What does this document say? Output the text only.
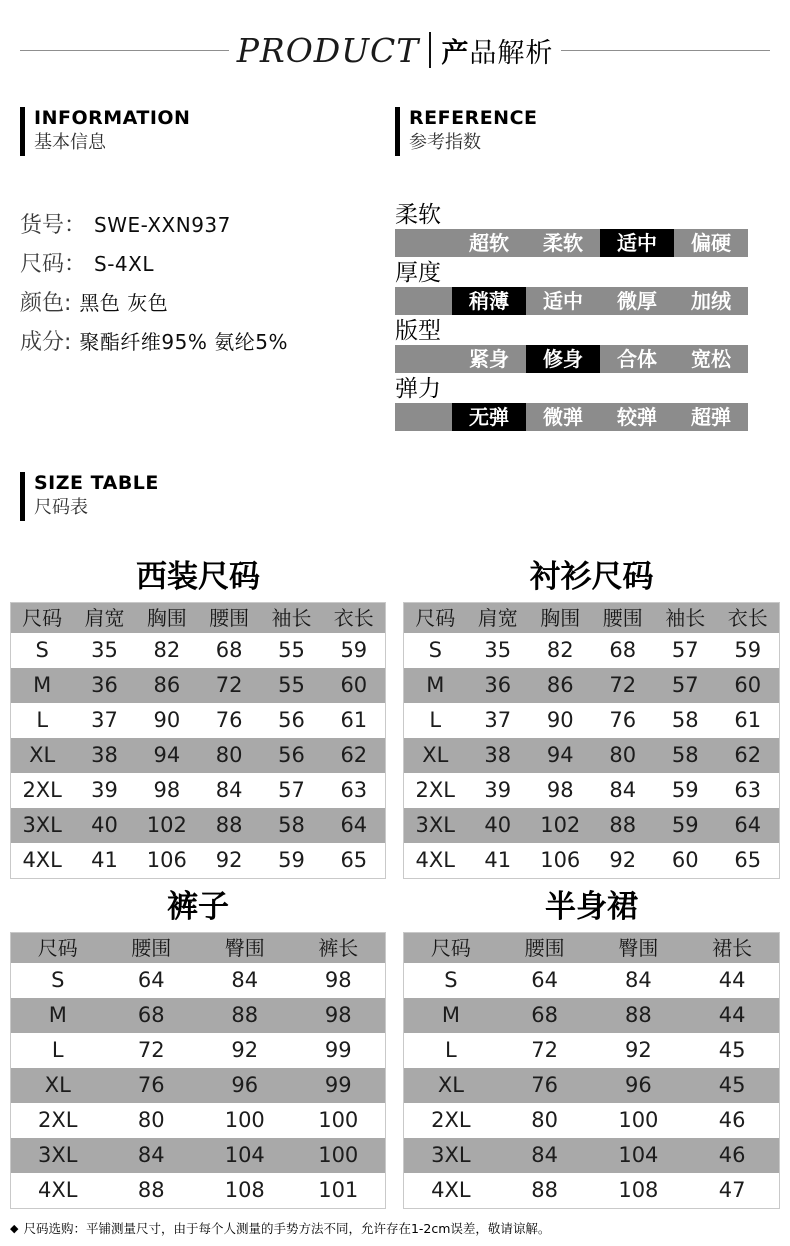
PRODUCT 产品解析
INFORMATION
基本信息
货号： SWE-XXN937
尺码： S-4XL
颜色: 黑色 灰色
成分: 聚酯纤维95% 氨纶5%
REFERENCE
参考指数
柔软
超软	柔软	适中	偏硬
厚度
稍薄	适中	微厚	加绒
版型
紧身	修身	合体	宽松
弹力
无弹	微弹	较弹	超弹
SIZE TABLE
尺码表
西装尺码
尺码	肩宽	胸围	腰围	袖长	衣长
S	35	82	68	55	59
M	36	86	72	55	60
L	37	90	76	56	61
XL	38	94	80	56	62
2XL	39	98	84	57	63
3XL	40	102	88	58	64
4XL	41	106	92	59	65
衬衫尺码
尺码	肩宽	胸围	腰围	袖长	衣长
S	35	82	68	57	59
M	36	86	72	57	60
L	37	90	76	58	61
XL	38	94	80	58	62
2XL	39	98	84	59	63
3XL	40	102	88	59	64
4XL	41	106	92	60	65
裤子
尺码	腰围	臀围	裤长
S	64	84	98
M	68	88	98
L	72	92	99
XL	76	96	99
2XL	80	100	100
3XL	84	104	100
4XL	88	108	101
半身裙
尺码	腰围	臀围	裙长
S	64	84	44
M	68	88	44
L	72	92	45
XL	76	96	45
2XL	80	100	46
3XL	84	104	46
4XL	88	108	47
◆ 尺码选购：平铺测量尺寸，由于每个人测量的手势方法不同，允许存在1-2cm误差，敬请谅解。
